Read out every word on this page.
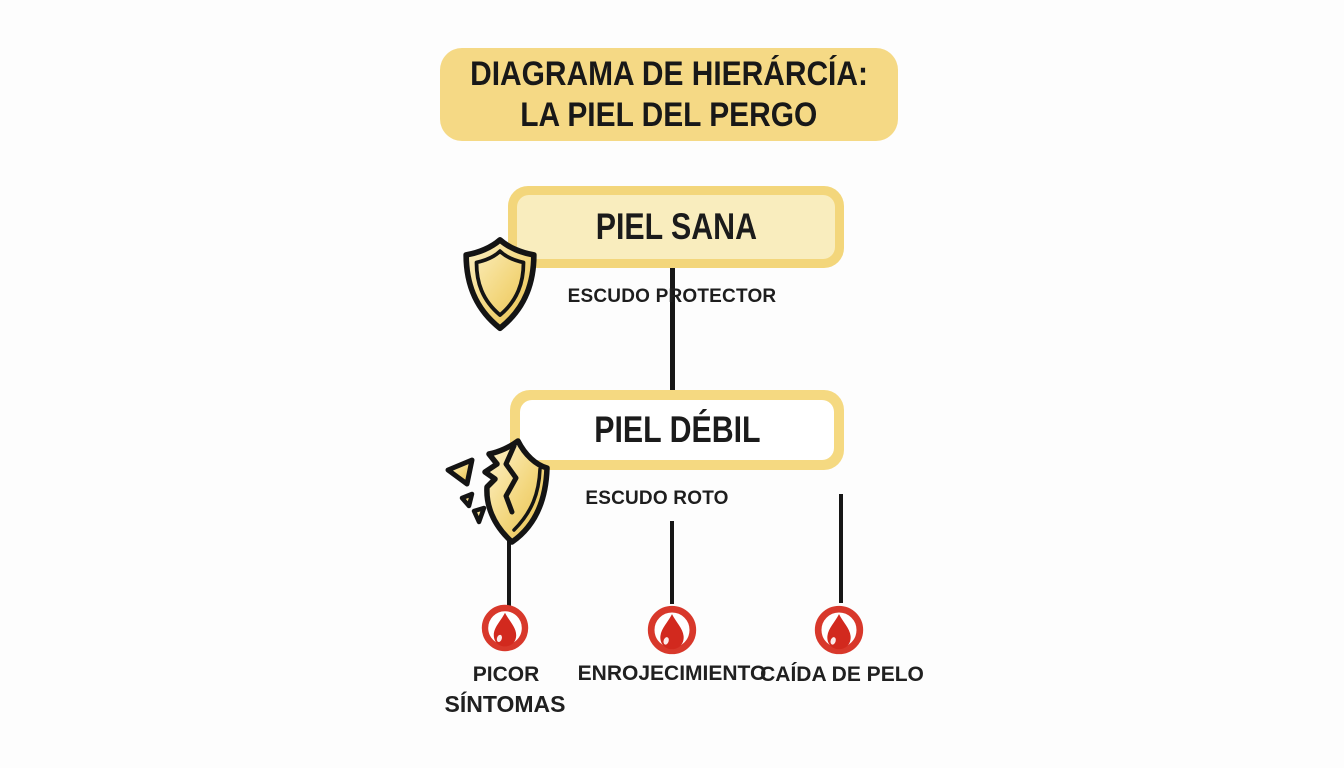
DIAGRAMA DE HIERÁRCÍA:
LA PIEL DEL PERGO
PIEL SANA
ESCUDO PROTECTOR
PIEL DÉBIL
ESCUDO ROTO
PICOR
SÍNTOMAS
ENROJECIMIENTO
CAÍDA DE PELO
